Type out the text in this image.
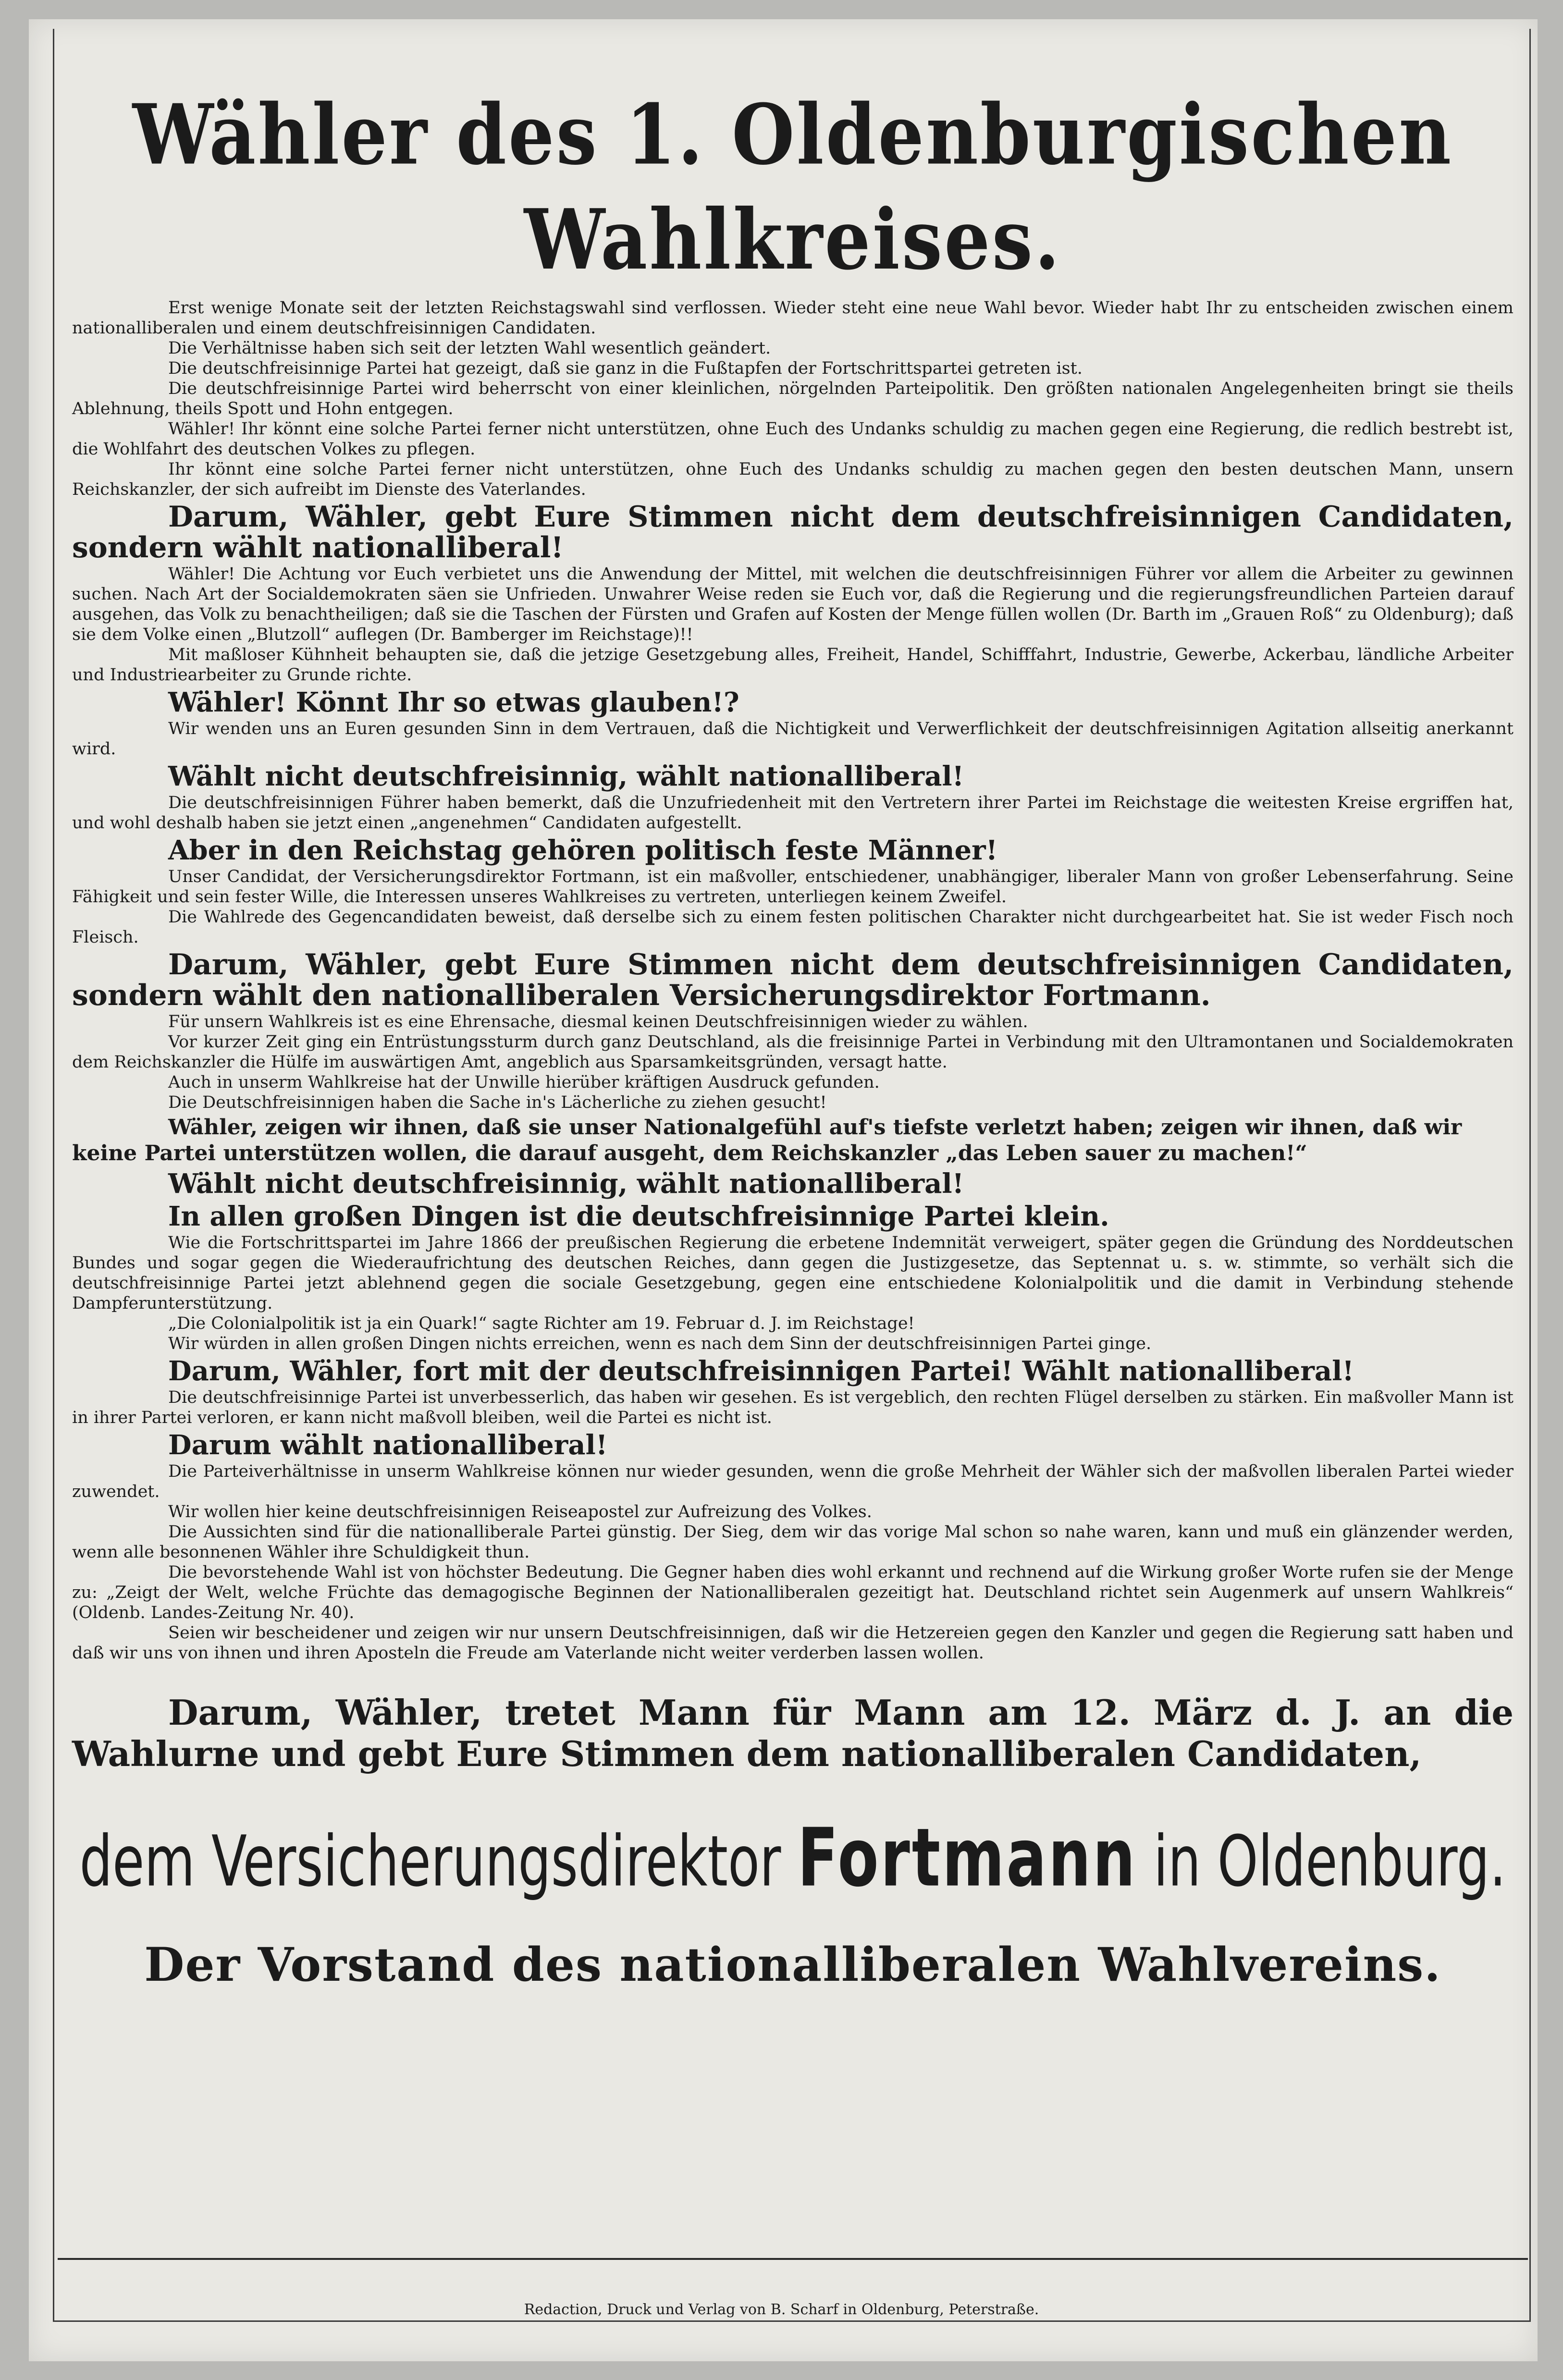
Wähler des 1. Oldenburgischen Wahlkreises.

Erst wenige Monate seit der letzten Reichstagswahl sind verflossen. Wieder steht eine neue Wahl bevor. Wieder habt Ihr zu entscheiden zwischen einem nationalliberalen und einem deutschfreisinnigen Candidaten.

Die Verhältnisse haben sich seit der letzten Wahl wesentlich geändert.

Die deutschfreisinnige Partei hat gezeigt, daß sie ganz in die Fußtapfen der Fortschrittspartei getreten ist.

Die deutschfreisinnige Partei wird beherrscht von einer kleinlichen, nörgelnden Parteipolitik. Den größten nationalen Angelegenheiten bringt sie theils Ablehnung, theils Spott und Hohn entgegen.

Wähler! Ihr könnt eine solche Partei ferner nicht unterstützen, ohne Euch des Undanks schuldig zu machen gegen eine Regierung, die redlich bestrebt ist, die Wohlfahrt des deutschen Volkes zu pflegen.

Ihr könnt eine solche Partei ferner nicht unterstützen, ohne Euch des Undanks schuldig zu machen gegen den besten deutschen Mann, unsern Reichskanzler, der sich aufreibt im Dienste des Vaterlandes.

Darum, Wähler, gebt Eure Stimmen nicht dem deutschfreisinnigen Candidaten, sondern wählt nationalliberal!

Wähler! Die Achtung vor Euch verbietet uns die Anwendung der Mittel, mit welchen die deutschfreisinnigen Führer vor allem die Arbeiter zu gewinnen suchen. Nach Art der Socialdemokraten säen sie Unfrieden. Unwahrer Weise reden sie Euch vor, daß die Regierung und die regierungsfreundlichen Parteien darauf ausgehen, das Volk zu benachtheiligen; daß sie die Taschen der Fürsten und Grafen auf Kosten der Menge füllen wollen (Dr. Barth im „Grauen Roß“ zu Oldenburg); daß sie dem Volke einen „Blutzoll“ auflegen (Dr. Bamberger im Reichstage)!!

Mit maßloser Kühnheit behaupten sie, daß die jetzige Gesetzgebung alles, Freiheit, Handel, Schifffahrt, Industrie, Gewerbe, Ackerbau, ländliche Arbeiter und Industriearbeiter zu Grunde richte.

Wähler! Könnt Ihr so etwas glauben!?

Wir wenden uns an Euren gesunden Sinn in dem Vertrauen, daß die Nichtigkeit und Verwerflichkeit der deutschfreisinnigen Agitation allseitig anerkannt wird.

Wählt nicht deutschfreisinnig, wählt nationalliberal!

Die deutschfreisinnigen Führer haben bemerkt, daß die Unzufriedenheit mit den Vertretern ihrer Partei im Reichstage die weitesten Kreise ergriffen hat, und wohl deshalb haben sie jetzt einen „angenehmen“ Candidaten aufgestellt.

Aber in den Reichstag gehören politisch feste Männer!

Unser Candidat, der Versicherungsdirektor Fortmann, ist ein maßvoller, entschiedener, unabhängiger, liberaler Mann von großer Lebenserfahrung. Seine Fähigkeit und sein fester Wille, die Interessen unseres Wahlkreises zu vertreten, unterliegen keinem Zweifel.

Die Wahlrede des Gegencandidaten beweist, daß derselbe sich zu einem festen politischen Charakter nicht durchgearbeitet hat. Sie ist weder Fisch noch Fleisch.

Darum, Wähler, gebt Eure Stimmen nicht dem deutschfreisinnigen Candidaten, sondern wählt den nationalliberalen Versicherungsdirektor Fortmann.

Für unsern Wahlkreis ist es eine Ehrensache, diesmal keinen Deutschfreisinnigen wieder zu wählen.

Vor kurzer Zeit ging ein Entrüstungssturm durch ganz Deutschland, als die freisinnige Partei in Verbindung mit den Ultramontanen und Socialdemokraten dem Reichskanzler die Hülfe im auswärtigen Amt, angeblich aus Sparsamkeitsgründen, versagt hatte.

Auch in unserm Wahlkreise hat der Unwille hierüber kräftigen Ausdruck gefunden.

Die Deutschfreisinnigen haben die Sache in's Lächerliche zu ziehen gesucht!

Wähler, zeigen wir ihnen, daß sie unser Nationalgefühl auf's tiefste verletzt haben; zeigen wir ihnen, daß wir keine Partei unterstützen wollen, die darauf ausgeht, dem Reichskanzler „das Leben sauer zu machen!“

Wählt nicht deutschfreisinnig, wählt nationalliberal!

In allen großen Dingen ist die deutschfreisinnige Partei klein.

Wie die Fortschrittspartei im Jahre 1866 der preußischen Regierung die erbetene Indemnität verweigert, später gegen die Gründung des Norddeutschen Bundes und sogar gegen die Wiederaufrichtung des deutschen Reiches, dann gegen die Justizgesetze, das Septennat u. s. w. stimmte, so verhält sich die deutschfreisinnige Partei jetzt ablehnend gegen die sociale Gesetzgebung, gegen eine entschiedene Kolonialpolitik und die damit in Verbindung stehende Dampferunterstützung.

„Die Colonialpolitik ist ja ein Quark!“ sagte Richter am 19. Februar d. J. im Reichstage!

Wir würden in allen großen Dingen nichts erreichen, wenn es nach dem Sinn der deutschfreisinnigen Partei ginge.

Darum, Wähler, fort mit der deutschfreisinnigen Partei! Wählt nationalliberal!

Die deutschfreisinnige Partei ist unverbesserlich, das haben wir gesehen. Es ist vergeblich, den rechten Flügel derselben zu stärken. Ein maßvoller Mann ist in ihrer Partei verloren, er kann nicht maßvoll bleiben, weil die Partei es nicht ist.

Darum wählt nationalliberal!

Die Parteiverhältnisse in unserm Wahlkreise können nur wieder gesunden, wenn die große Mehrheit der Wähler sich der maßvollen liberalen Partei wieder zuwendet.

Wir wollen hier keine deutschfreisinnigen Reiseapostel zur Aufreizung des Volkes.

Die Aussichten sind für die nationalliberale Partei günstig. Der Sieg, dem wir das vorige Mal schon so nahe waren, kann und muß ein glänzender werden, wenn alle besonnenen Wähler ihre Schuldigkeit thun.

Die bevorstehende Wahl ist von höchster Bedeutung. Die Gegner haben dies wohl erkannt und rechnend auf die Wirkung großer Worte rufen sie der Menge zu: „Zeigt der Welt, welche Früchte das demagogische Beginnen der Nationalliberalen gezeitigt hat. Deutschland richtet sein Augenmerk auf unsern Wahlkreis“ (Oldenb. Landes-Zeitung Nr. 40).

Seien wir bescheidener und zeigen wir nur unsern Deutschfreisinnigen, daß wir die Hetzereien gegen den Kanzler und gegen die Regierung satt haben und daß wir uns von ihnen und ihren Aposteln die Freude am Vaterlande nicht weiter verderben lassen wollen.

Darum, Wähler, tretet Mann für Mann am 12. März d. J. an die Wahlurne und gebt Eure Stimmen dem nationalliberalen Candidaten,

dem Versicherungsdirektor Fortmann in Oldenburg.

Der Vorstand des nationalliberalen Wahlvereins.

Redaction, Druck und Verlag von B. Scharf in Oldenburg, Peterstraße.
